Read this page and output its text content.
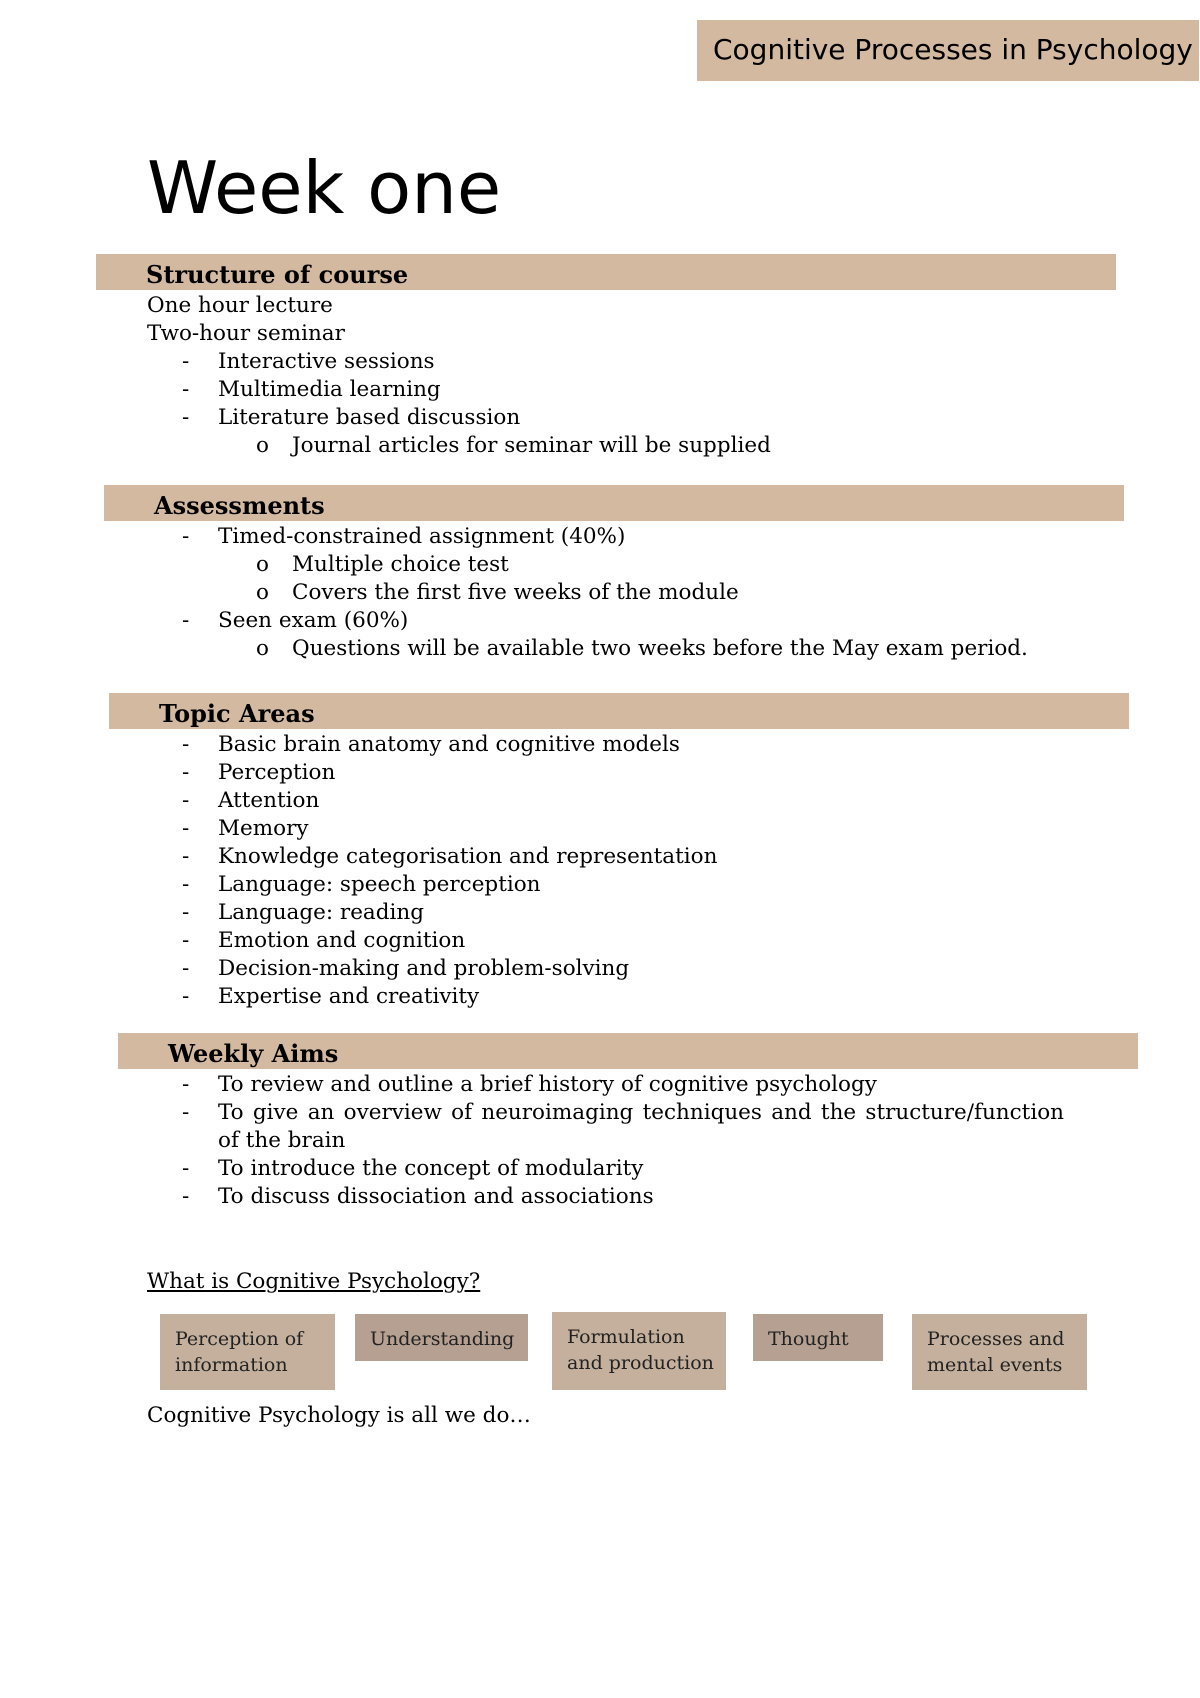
Cognitive Processes in Psychology
Week one
Structure of course

One hour lecture

Two-hour seminar

- Interactive sessions
- Multimedia learning
- Literature based discussion
o Journal articles for seminar will be supplied
Assessments
- Timed-constrained assignment (40%)
o Multiple choice test
o Covers the first five weeks of the module
- Seen exam (60%)
o Questions will be available two weeks before the May exam period.
Topic Areas
- Basic brain anatomy and cognitive models
- Perception
- Attention
- Memory
- Knowledge categorisation and representation
- Language: speech perception
- Language: reading
- Emotion and cognition
- Decision-making and problem-solving
- Expertise and creativity
Weekly Aims
- To review and outline a brief history of cognitive psychology
- To give an overview of neuroimaging techniques and the structure/function of the brain
- To introduce the concept of modularity
- To discuss dissociation and associations

What is Cognitive Psychology?

Perception of information
Understanding	Formulation and production
Thought	Processes and mental events

Cognitive Psychology is all we do…
